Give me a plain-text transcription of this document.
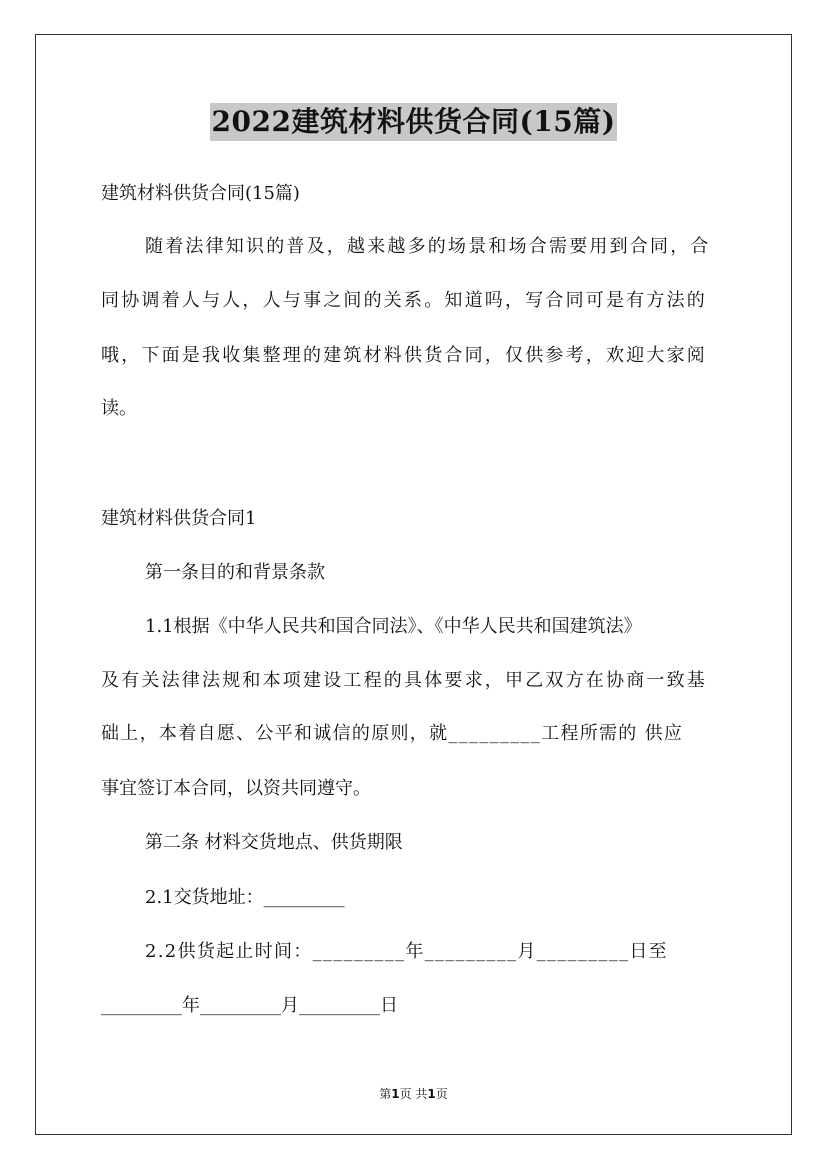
2022建筑材料供货合同(15篇)
建筑材料供货合同(15篇)
随着法律知识的普及，越来越多的场景和场合需要用到合同，合
同协调着人与人，人与事之间的关系。知道吗，写合同可是有方法的
哦，下面是我收集整理的建筑材料供货合同，仅供参考，欢迎大家阅
读。
建筑材料供货合同1
第一条目的和背景条款
1.1根据《中华人民共和国合同法》、《中华人民共和国建筑法》
及有关法律法规和本项建设工程的具体要求，甲乙双方在协商一致基
础上，本着自愿、公平和诚信的原则，就_________工程所需的 供应
事宜签订本合同，以资共同遵守。
第二条 材料交货地点、供货期限
2.1交货地址：_________
2.2供货起止时间：_________年_________月_________日至
_________年_________月_________日
第1页 共1页
